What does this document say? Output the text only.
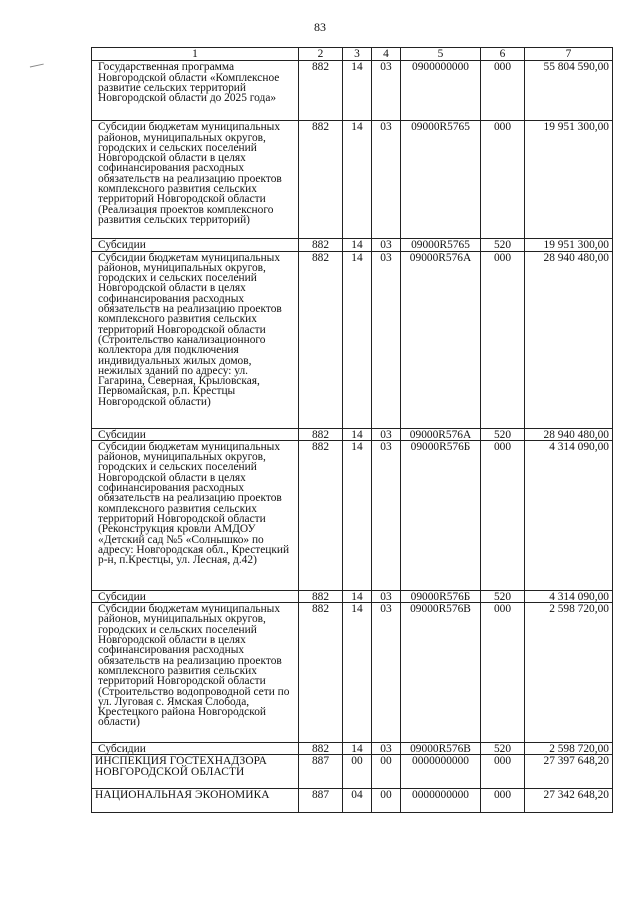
83
1	2	3	4	5	6	7
Государственная программа Новгородской области «Комплексное развитие сельских территорий Новгородской области до 2025 года»	882	14	03	0900000000	000	55 804 590,00
Субсидии бюджетам муниципальных районов, муниципальных округов, городских и сельских поселений Новгородской области в целях софинансирования расходных обязательств на реализацию проектов комплексного развития сельских территорий Новгородской области (Реализация проектов комплексного развития сельских территорий)	882	14	03	09000R5765	000	19 951 300,00
Субсидии	882	14	03	09000R5765	520	19 951 300,00
Субсидии бюджетам муниципальных районов, муниципальных округов, городских и сельских поселений Новгородской области в целях софинансирования расходных обязательств на реализацию проектов комплексного развития сельских территорий Новгородской области (Строительство канализационного коллектора для подключения индивидуальных жилых домов, нежилых зданий по адресу: ул. Гагарина, Северная, Крыловская, Первомайская, р.п. Крестцы Новгородской области)	882	14	03	09000R576А	000	28 940 480,00
Субсидии	882	14	03	09000R576А	520	28 940 480,00
Субсидии бюджетам муниципальных районов, муниципальных округов, городских и сельских поселений Новгородской области в целях софинансирования расходных обязательств на реализацию проектов комплексного развития сельских территорий Новгородской области (Реконструкция кровли АМДОУ «Детский сад №5 «Солнышко» по адресу: Новгородская обл., Крестецкий р-н, п.Крестцы, ул. Лесная, д.42)	882	14	03	09000R576Б	000	4 314 090,00
Субсидии	882	14	03	09000R576Б	520	4 314 090,00
Субсидии бюджетам муниципальных районов, муниципальных округов, городских и сельских поселений Новгородской области в целях софинансирования расходных обязательств на реализацию проектов комплексного развития сельских территорий Новгородской области (Строительство водопроводной сети по ул. Луговая с. Ямская Слобода, Крестецкого района Новгородской области)	882	14	03	09000R576В	000	2 598 720,00
Субсидии	882	14	03	09000R576В	520	2 598 720,00
ИНСПЕКЦИЯ ГОСТЕХНАДЗОРА НОВГОРОДСКОЙ ОБЛАСТИ	887	00	00	0000000000	000	27 397 648,20
НАЦИОНАЛЬНАЯ ЭКОНОМИКА	887	04	00	0000000000	000	27 342 648,20
